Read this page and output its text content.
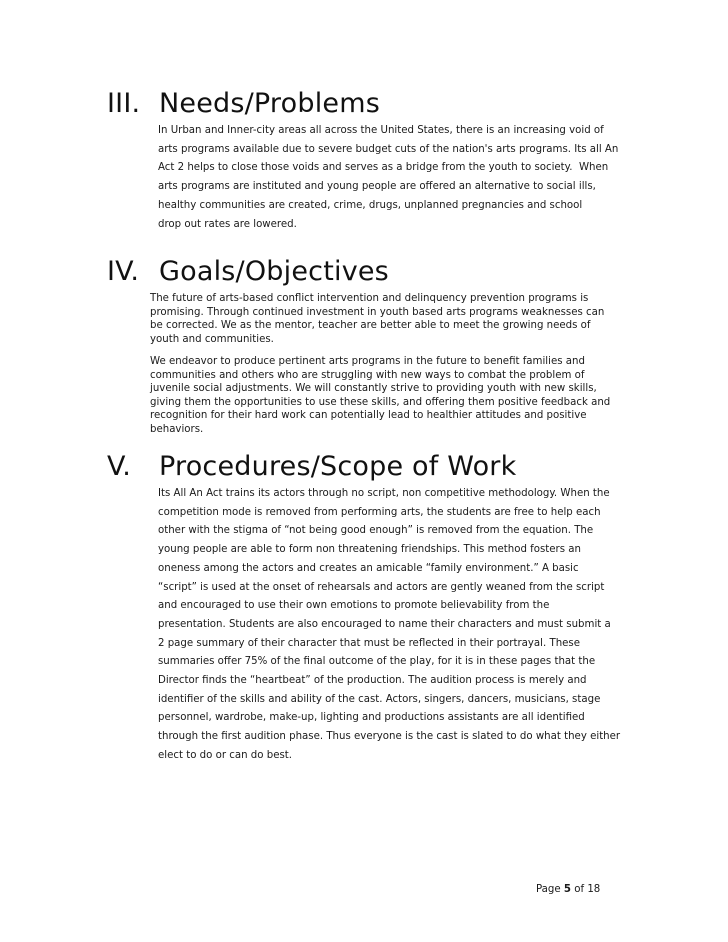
III. Needs/Problems

In Urban and Inner-city areas all across the United States, there is an increasing void of
arts programs available due to severe budget cuts of the nation's arts programs. Its all An
Act 2 helps to close those voids and serves as a bridge from the youth to society.  When
arts programs are instituted and young people are offered an alternative to social ills,
healthy communities are created, crime, drugs, unplanned pregnancies and school
drop out rates are lowered.

IV. Goals/Objectives

The future of arts-based conflict intervention and delinquency prevention programs is
promising. Through continued investment in youth based arts programs weaknesses can
be corrected. We as the mentor, teacher are better able to meet the growing needs of
youth and communities.

We endeavor to produce pertinent arts programs in the future to benefit families and
communities and others who are struggling with new ways to combat the problem of
juvenile social adjustments. We will constantly strive to providing youth with new skills,
giving them the opportunities to use these skills, and offering them positive feedback and
recognition for their hard work can potentially lead to healthier attitudes and positive
behaviors.

V. Procedures/Scope of Work

Its All An Act trains its actors through no script, non competitive methodology. When the
competition mode is removed from performing arts, the students are free to help each
other with the stigma of “not being good enough” is removed from the equation. The
young people are able to form non threatening friendships. This method fosters an
oneness among the actors and creates an amicable “family environment.” A basic
“script” is used at the onset of rehearsals and actors are gently weaned from the script
and encouraged to use their own emotions to promote believability from the
presentation. Students are also encouraged to name their characters and must submit a
2 page summary of their character that must be reflected in their portrayal. These
summaries offer 75% of the final outcome of the play, for it is in these pages that the
Director finds the “heartbeat” of the production. The audition process is merely and
identifier of the skills and ability of the cast. Actors, singers, dancers, musicians, stage
personnel, wardrobe, make-up, lighting and productions assistants are all identified
through the first audition phase. Thus everyone is the cast is slated to do what they either
elect to do or can do best.

Page 5 of 18
